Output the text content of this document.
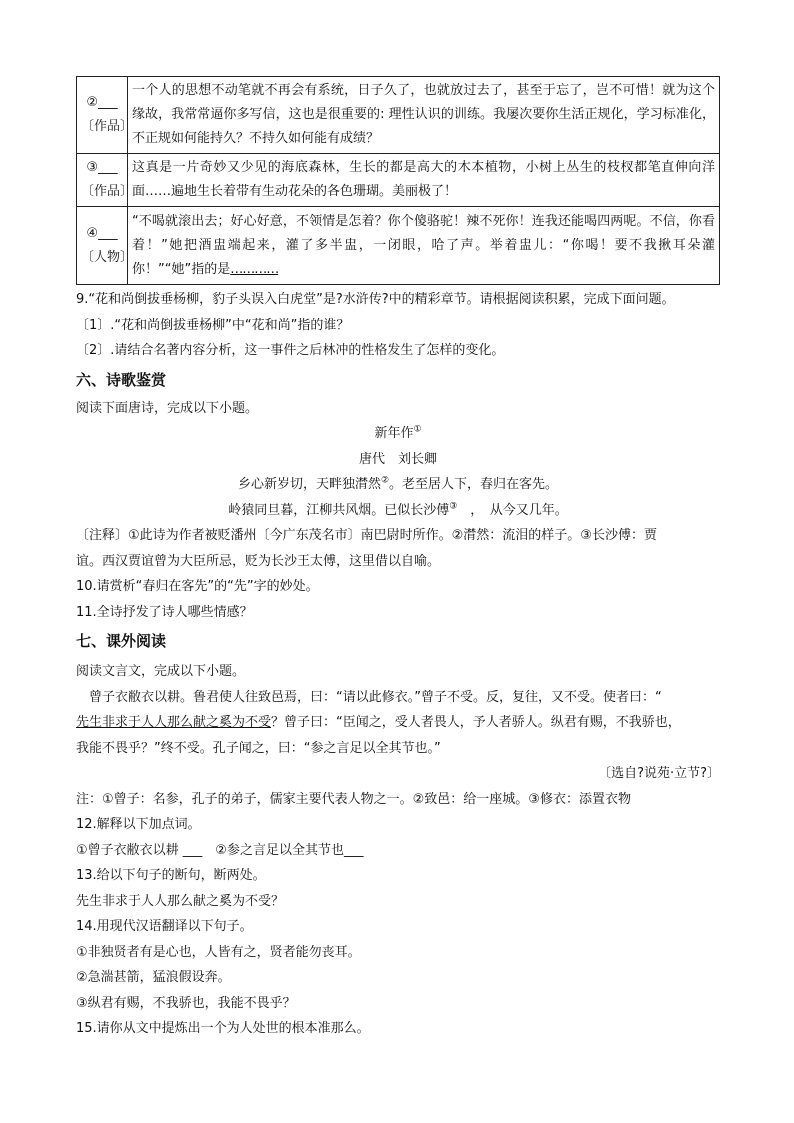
②___
〔作品〕	一个人的思想不动笔就不再会有系统，日子久了，也就放过去了，甚至于忘了，岂不可惜！就为这个缘故，我常常逼你多写信，这也是很重要的: 理性认识的训练。我屡次要你生活正规化，学习标准化，不正规如何能持久？不持久如何能有成绩？

③___
〔作品〕	这真是一片奇妙又少见的海底森林，生长的都是高大的木本植物，小树上丛生的枝杈都笔直伸向洋面……遍地生长着带有生动花朵的各色珊瑚。美丽极了！

④___
〔人物〕	“不喝就滚出去；好心好意，不领情是怎着？你个傻骆驼！辣不死你！连我还能喝四两呢。不信，你看着！”她把酒盅端起来，灌了多半盅，一闭眼，哈了声。举着盅儿：“你喝！要不我揪耳朵灌你！”“她”指的是…………
9.“花和尚倒拔垂杨柳，豹子头误入白虎堂”是?水浒传?中的精彩章节。请根据阅读积累，完成下面问题。
〔1〕.“花和尚倒拔垂杨柳”中“花和尚”指的谁？
〔2〕.请结合名著内容分析，这一事件之后林冲的性格发生了怎样的变化。
六、诗歌鉴赏
阅读下面唐诗，完成以下小题。
新年作①
唐代　刘长卿
乡心新岁切，天畔独潸然②。老至居人下，春归在客先。
岭猿同旦暮，江柳共风烟。已似长沙傅③　，　从今又几年。
〔注释〕①此诗为作者被贬潘州〔今广东茂名市〕南巴尉时所作。②潸然：流泪的样子。③长沙傅：贾
谊。西汉贾谊曾为大臣所忌，贬为长沙王太傅，这里借以自喻。
10.请赏析“春归在客先”的“先”字的妙处。
11.全诗抒发了诗人哪些情感？
七、课外阅读
阅读文言文，完成以下小题。
　曾子衣敝衣以耕。鲁君使人往致邑焉，曰：“请以此修衣。”曾子不受。反，复往，又不受。使者曰：“
先生非求于人人那么献之奚为不受？曾子曰：“臣闻之，受人者畏人，予人者骄人。纵君有赐，不我骄也，
我能不畏乎？”终不受。孔子闻之，曰：“参之言足以全其节也。”
〔选自?说苑·立节?〕
注：①曾子：名参，孔子的弟子，儒家主要代表人物之一。②致邑：给一座城。③修衣：添置衣物
12.解释以下加点词。
①曾子衣敝衣以耕 ___　②参之言足以全其节也___
13.给以下句子的断句，断两处。
先生非求于人人那么献之奚为不受？
14.用现代汉语翻译以下句子。
①非独贤者有是心也，人皆有之，贤者能勿丧耳。
②急湍甚箭，猛浪假设奔。
③纵君有赐，不我骄也，我能不畏乎？
15.请你从文中提炼出一个为人处世的根本准那么。
